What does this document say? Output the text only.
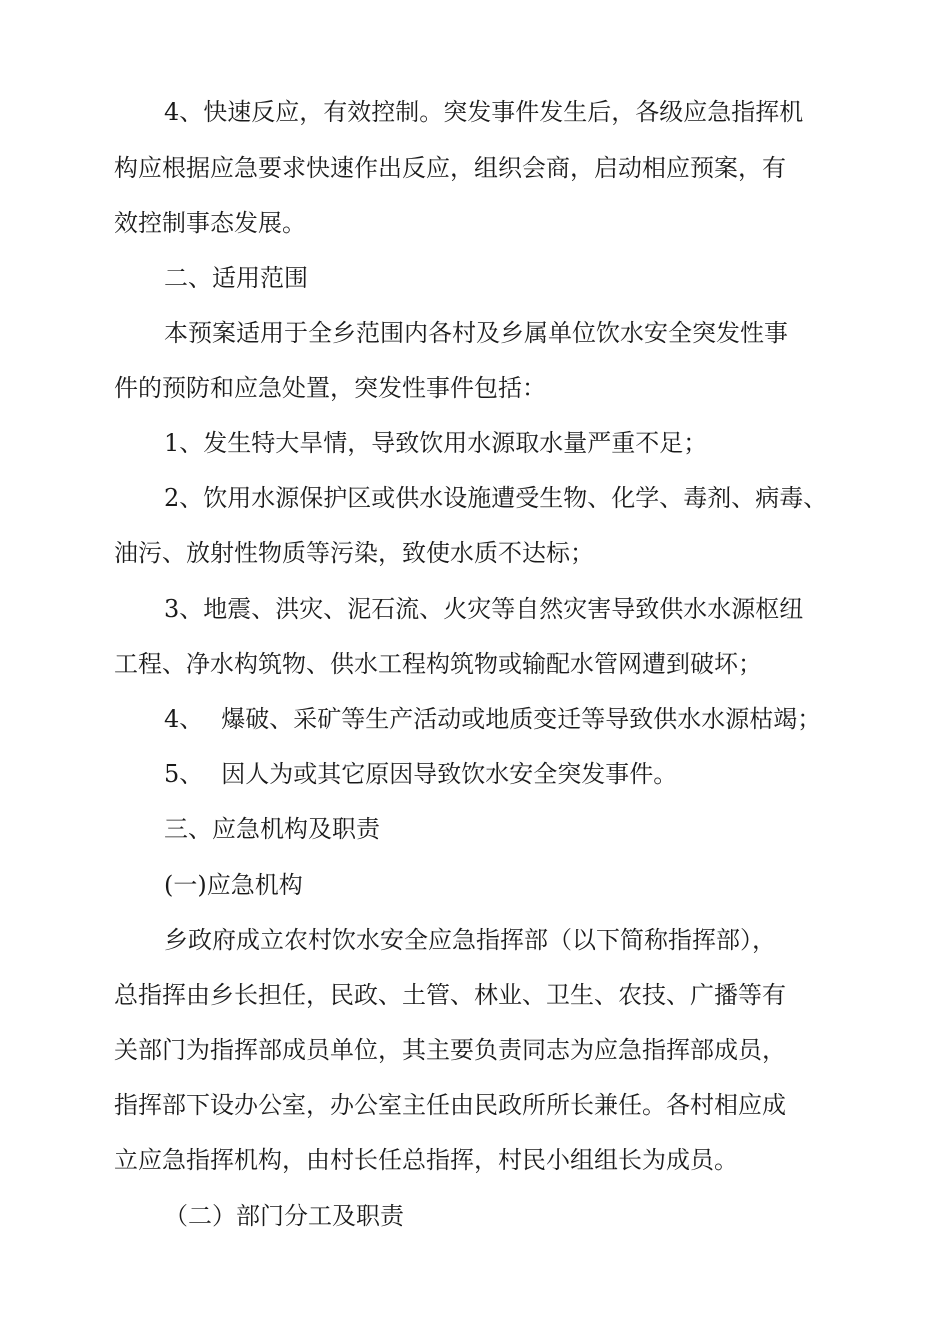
4、快速反应，有效控制。突发事件发生后，各级应急指挥机
构应根据应急要求快速作出反应，组织会商，启动相应预案，有
效控制事态发展。
二、适用范围
本预案适用于全乡范围内各村及乡属单位饮水安全突发性事
件的预防和应急处置，突发性事件包括：
1、发生特大旱情，导致饮用水源取水量严重不足；
2、饮用水源保护区或供水设施遭受生物、化学、毒剂、病毒、
油污、放射性物质等污染，致使水质不达标；
3、地震、洪灾、泥石流、火灾等自然灾害导致供水水源枢纽
工程、净水构筑物、供水工程构筑物或输配水管网遭到破坏；
4、 爆破、采矿等生产活动或地质变迁等导致供水水源枯竭；
5、 因人为或其它原因导致饮水安全突发事件。
三、应急机构及职责
(一)应急机构
乡政府成立农村饮水安全应急指挥部（以下简称指挥部），
总指挥由乡长担任，民政、土管、林业、卫生、农技、广播等有
关部门为指挥部成员单位，其主要负责同志为应急指挥部成员，
指挥部下设办公室，办公室主任由民政所所长兼任。各村相应成
立应急指挥机构，由村长任总指挥，村民小组组长为成员。
（二）部门分工及职责
